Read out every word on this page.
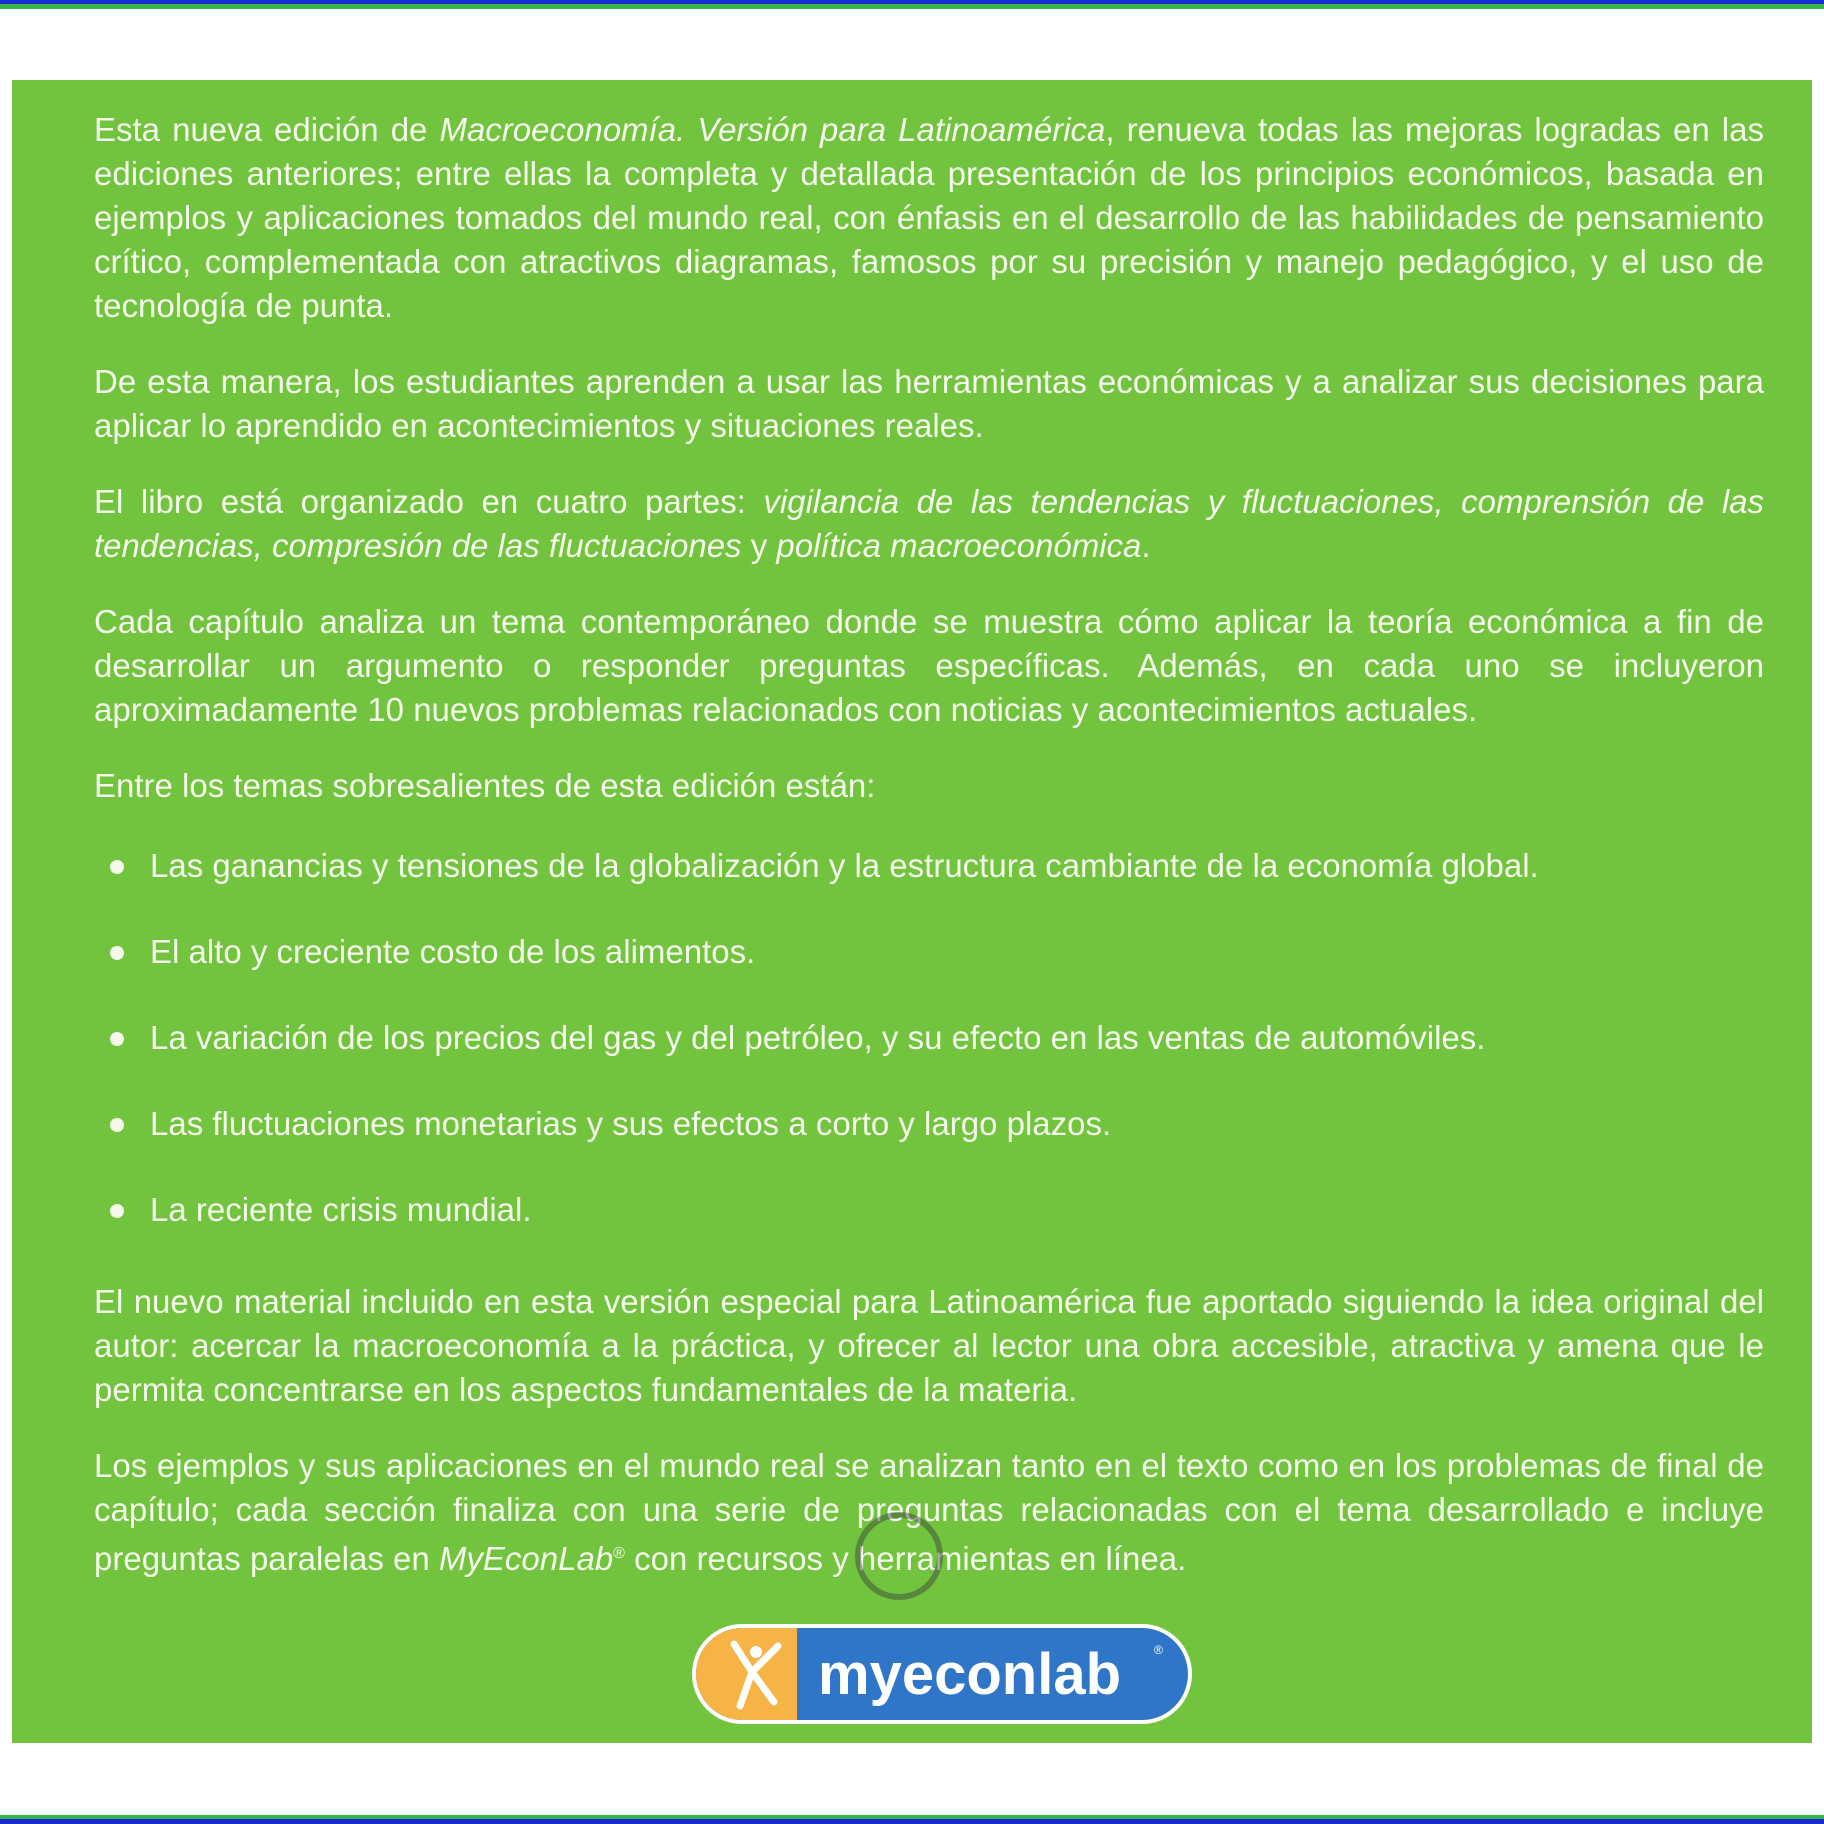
Esta nueva edición de Macroeconomía. Versión para Latinoamérica, renueva todas las mejoras logradas en las ediciones anteriores; entre ellas la completa y detallada presentación de los principios económicos, basada en ejemplos y aplicaciones tomados del mundo real, con énfasis en el desarrollo de las habilidades de pensamiento crítico, complementada con atractivos diagramas, famosos por su precisión y manejo pedagógico, y el uso de tecnología de punta.

De esta manera, los estudiantes aprenden a usar las herramientas económicas y a analizar sus decisiones para aplicar lo aprendido en acontecimientos y situaciones reales.

El libro está organizado en cuatro partes: vigilancia de las tendencias y fluctuaciones, comprensión de las tendencias, compresión de las fluctuaciones y política macroeconómica.

Cada capítulo analiza un tema contemporáneo donde se muestra cómo aplicar la teoría económica a fin de desarrollar un argumento o responder preguntas específicas. Además, en cada uno se incluyeron aproximadamente 10 nuevos problemas relacionados con noticias y acontecimientos actuales.

Entre los temas sobresalientes de esta edición están:

Las ganancias y tensiones de la globalización y la estructura cambiante de la economía global.
El alto y creciente costo de los alimentos.
La variación de los precios del gas y del petróleo, y su efecto en las ventas de automóviles.
Las fluctuaciones monetarias y sus efectos a corto y largo plazos.
La reciente crisis mundial.

El nuevo material incluido en esta versión especial para Latinoamérica fue aportado siguiendo la idea original del autor: acercar la macroeconomía a la práctica, y ofrecer al lector una obra accesible, atractiva y amena que le permita concentrarse en los aspectos fundamentales de la materia.

Los ejemplos y sus aplicaciones en el mundo real se analizan tanto en el texto como en los problemas de final de capítulo; cada sección finaliza con una serie de preguntas relacionadas con el tema desarrollado e incluye preguntas paralelas en MyEconLab® con recursos y herramientas en línea.

myeconlab	®
